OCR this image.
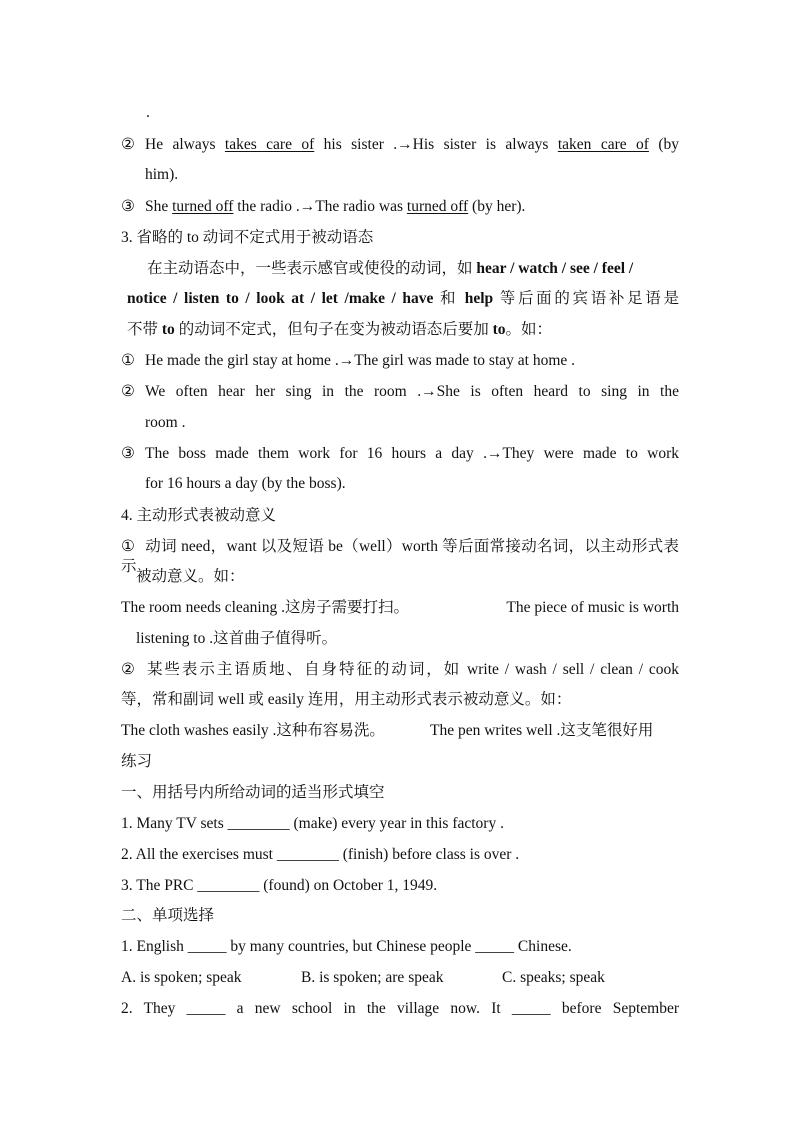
.
② He always takes care of his sister .→His sister is always taken care of (by
him).
③ She turned off the radio .→The radio was turned off (by her).
3. 省略的 to 动词不定式用于被动语态
在主动语态中，一些表示感官或使役的动词，如 hear / watch / see / feel /
notice / listen to / look at / let /make / have 和 help 等后面的宾语补足语是
不带 to 的动词不定式，但句子在变为被动语态后要加 to。如：
① He made the girl stay at home .→The girl was made to stay at home .
② We often hear her sing in the room .→She is often heard to sing in the
room .
③ The boss made them work for 16 hours a day .→They were made to work
for 16 hours a day (by the boss).
4. 主动形式表被动意义
① 动词 need，want 以及短语 be（well）worth 等后面常接动名词，以主动形式表示
被动意义。如：
The room needs cleaning .这房子需要打扫。	The piece of music is worth
listening to .这首曲子值得听。
② 某些表示主语质地、自身特征的动词，如 write / wash / sell / clean / cook
等，常和副词 well 或 easily 连用，用主动形式表示被动意义。如：
The cloth washes easily .这种布容易洗。	The pen writes well .这支笔很好用
练习
一、用括号内所给动词的适当形式填空
1. Many TV sets ________ (make) every year in this factory .
2. All the exercises must ________ (finish) before class is over .
3. The PRC ________ (found) on October 1, 1949.
二、单项选择
1. English _____ by many countries, but Chinese people _____ Chinese.
A. is spoken; speak	B. is spoken; are speak	C. speaks; speak
2. They _____ a new school in the village now. It _____ before September
